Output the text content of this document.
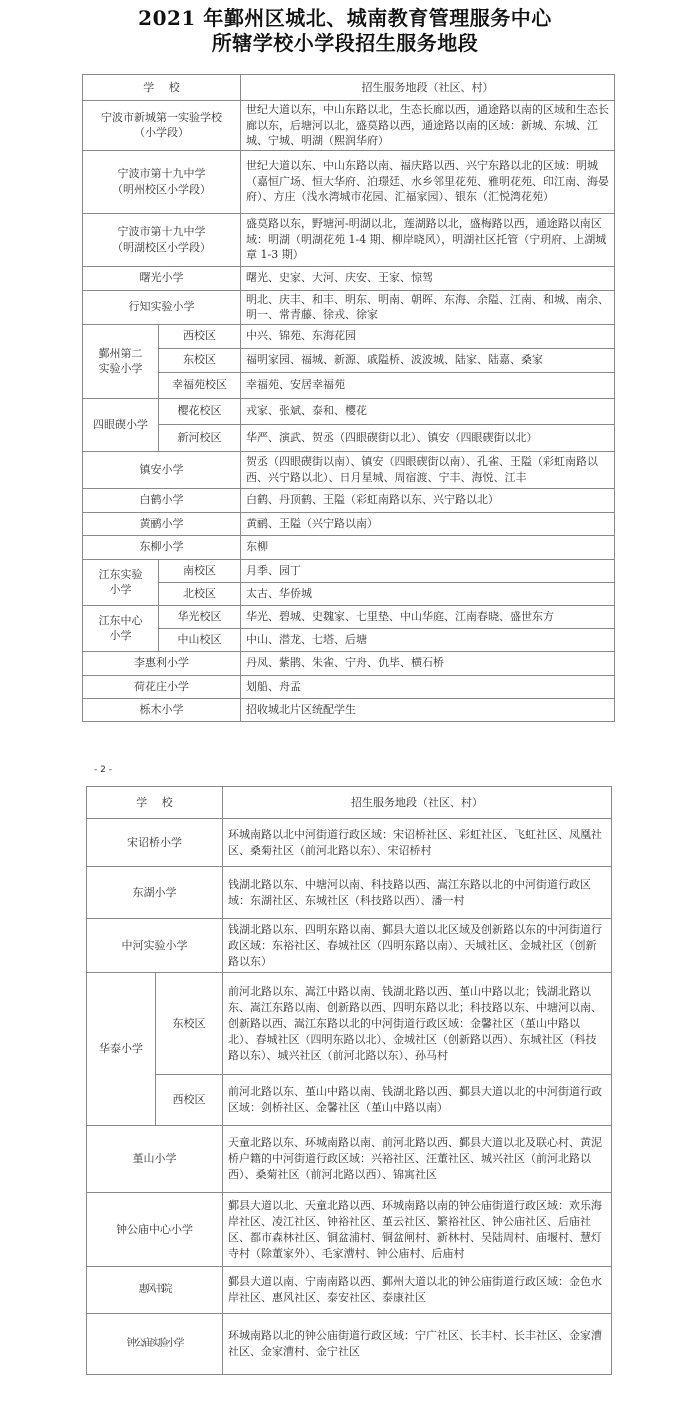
2021 年鄞州区城北、城南教育管理服务中心
所辖学校小学段招生服务地段
学　 校		招生服务地段（社区、村）
宁波市新城第一实验学校
（小学段）		世纪大道以东，中山东路以北，生态长廊以西，通途路以南的区域和生态长廊以东，后塘河以北，盛莫路以西，通途路以南的区域：新城、东城、江城、宁城、明湖（熙润华府）
宁波市第十九中学
（明州校区小学段）		世纪大道以东、中山东路以南、福庆路以西、兴宁东路以北的区域：明城（嘉恒广场、恒大华府、泊璟廷、水乡邻里花苑、雅明花苑、印江南、海晏府）、方庄（浅水湾城市花园、汇福家园）、银东（汇悦湾花苑）
宁波市第十九中学
（明湖校区小学段）		盛莫路以东，野塘河-明湖以北，莲湖路以北，盛梅路以西，通途路以南区域：明湖（明湖花苑 1-4 期、柳岸晓风），明湖社区托管（宁玥府、上湖城章 1-3 期）
曙光小学		曙光、史家、大河、庆安、王家、惊驾
行知实验小学		明北、庆丰、和丰、明东、明南、朝晖、东海、余隘、江南、和城、南余、明一、常青藤、徐戎、徐家
鄞州第二
实验小学	西校区	中兴、锦苑、东海花园
	东校区	福明家园、福城、新源、戚隘桥、波波城、陆家、陆嘉、桑家
	幸福苑校区	幸福苑、安居幸福苑
四眼碶小学	樱花校区	戎家、张斌、泰和、樱花
	新河校区	华严、演武、贺丞（四眼碶街以北）、镇安（四眼碶街以北）
镇安小学		贺丞（四眼碶街以南）、镇安（四眼碶街以南）、孔雀、王隘（彩虹南路以西、兴宁路以北）、日月星城、周宿渡、宁丰、海悦、江丰
白鹤小学		白鹤、丹顶鹤、王隘（彩虹南路以东、兴宁路以北）
黄鹂小学		黄鹂、王隘（兴宁路以南）
东柳小学		东柳
江东实验
小学	南校区	月季、园丁
	北校区	太古、华侨城
江东中心
小学	华光校区	华光、碧城、史魏家、七里垫、中山华庭、江南春晓、盛世东方
	中山校区	中山、潜龙、七塔、后塘
李惠利小学		丹凤、紫鹃、朱雀、宁舟、仇毕、横石桥
荷花庄小学		划船、舟孟
栎木小学		招收城北片区统配学生
- 2 -
学　 校		招生服务地段（社区、村）
宋诏桥小学		环城南路以北中河街道行政区域：宋诏桥社区、彩虹社区、飞虹社区、凤凰社区、桑菊社区（前河北路以东）、宋诏桥村
东湖小学		钱湖北路以东、中塘河以南、科技路以西、嵩江东路以北的中河街道行政区域：东湖社区、东城社区（科技路以西）、潘一村
中河实验小学		钱湖北路以东、四明东路以南、鄞县大道以北区域及创新路以东的中河街道行政区域：东裕社区、春城社区（四明东路以南）、天城社区、金城社区（创新路以东）
华泰小学	东校区	前河北路以东、嵩江中路以南、钱湖北路以西、堇山中路以北；钱湖北路以东、嵩江东路以南、创新路以西、四明东路以北；科技路以东、中塘河以南、创新路以西、嵩江东路以北的中河街道行政区域：金馨社区（堇山中路以北）、春城社区（四明东路以北）、金城社区（创新路以西）、东城社区（科技路以东）、城兴社区（前河北路以东）、孙马村
	西校区	前河北路以东、堇山中路以南、钱湖北路以西、鄞县大道以北的中河街道行政区域：剑桥社区、金馨社区（堇山中路以南）
堇山小学		天童北路以东、环城南路以南、前河北路以西、鄞县大道以北及联心村、黄泥桥户籍的中河街道行政区域：兴裕社区、汪董社区、城兴社区（前河北路以西）、桑菊社区（前河北路以西）、锦寓社区
钟公庙中心小学		鄞县大道以北、天童北路以西、环城南路以南的钟公庙街道行政区域：欢乐海岸社区、凌江社区、钟裕社区、堇云社区、繁裕社区、钟公庙社区、后庙社区、都市森林社区、铜盆浦村、铜盆闸村、新林村、吴陆周村、庙堰村、慧灯寺村（除董家外）、毛家漕村、钟公庙村、后庙村
惠风书院		鄞县大道以南、宁南南路以西、鄞州大道以北的钟公庙街道行政区域：金色水岸社区、惠风社区、泰安社区、泰康社区
钟公庙实验小学		环城南路以北的钟公庙街道行政区域：宁广社区、长丰村、长丰社区、金家漕社区、金家漕村、金宁社区
